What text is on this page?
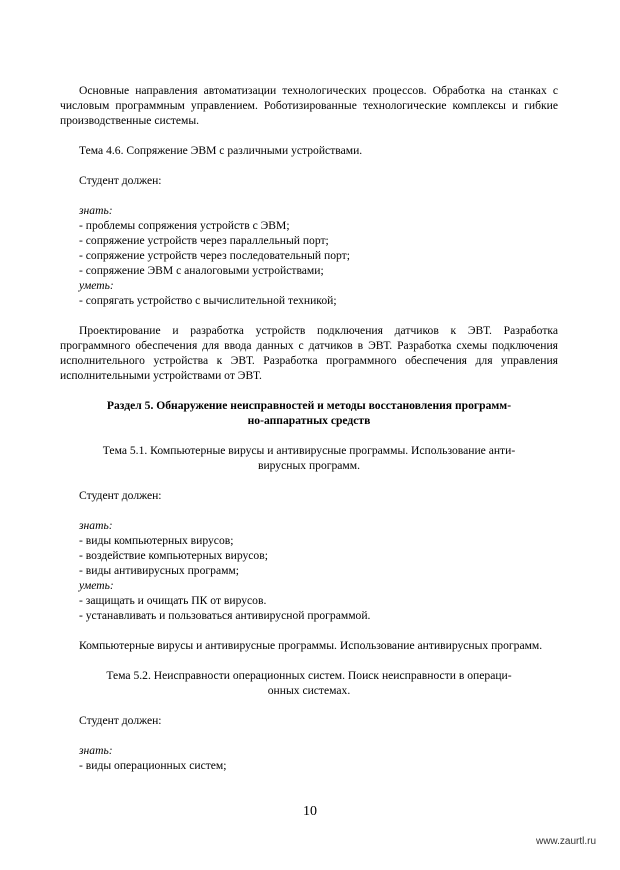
Основные направления автоматизации технологических процессов. Обработка на станках с числовым программным управлением. Роботизированные технологические комплексы и гибкие производственные системы.

Тема 4.6. Сопряжение ЭВМ с различными устройствами.

Студент должен:

знать:

- проблемы сопряжения устройств с ЭВМ;

- сопряжение устройств через параллельный порт;

- сопряжение устройств через последовательный порт;

- сопряжение ЭВМ с аналоговыми устройствами;

уметь:

- сопрягать устройство с вычислительной техникой;

Проектирование и разработка устройств подключения датчиков к ЭВТ. Разработка программного обеспечения для ввода данных с датчиков в ЭВТ. Разработка схемы подключения исполнительного устройства к ЭВТ. Разработка программного обеспечения для управления исполнительными устройствами от ЭВТ.

Раздел 5. Обнаружение неисправностей и методы восстановления программ-

но-аппаратных средств

Тема 5.1. Компьютерные вирусы и антивирусные программы. Использование анти-

вирусных программ.

Студент должен:

знать:

- виды компьютерных вирусов;

- воздействие компьютерных вирусов;

- виды антивирусных программ;

уметь:

- защищать и очищать ПК от вирусов.

- устанавливать и пользоваться антивирусной программой.

Компьютерные вирусы и антивирусные программы. Использование антивирусных программ.

Тема 5.2. Неисправности операционных систем. Поиск неисправности в операци-

онных системах.

Студент должен:

знать:

- виды операционных систем;

10
www.zaurtl.ru
